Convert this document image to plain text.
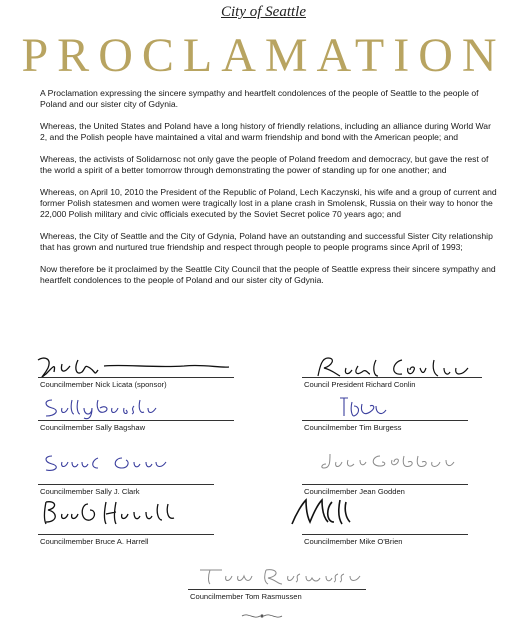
City of Seattle
PROCLAMATION

A Proclamation expressing the sincere sympathy and heartfelt condolences of the people of Seattle to the people of Poland and our sister city of Gdynia.

Whereas, the United States and Poland have a long history of friendly relations, including an alliance during World War 2, and the Polish people have maintained a vital and warm friendship and bond with the American people; and

Whereas, the activists of Solidarnosc not only gave the people of Poland freedom and democracy, but gave the rest of the world a spirit of a better tomorrow through demonstrating the power of standing up for one another; and

Whereas, on April 10, 2010 the President of the Republic of Poland, Lech Kaczynski, his wife and a group of current and former Polish statesmen and women were tragically lost in a plane crash in Smolensk, Russia on their way to honor the 22,000 Polish military and civic officials executed by the Soviet Secret police 70 years ago; and

Whereas, the City of Seattle and the City of Gdynia, Poland have an outstanding and successful Sister City relationship that has grown and nurtured true friendship and respect through people to people programs since April of 1993;

Now therefore be it proclaimed by the Seattle City Council that the people of Seattle express their sincere sympathy and heartfelt condolences to the people of Poland and our sister city of Gdynia.

Councilmember Nick Licata (sponsor)	Council President Richard Conlin
Councilmember Sally Bagshaw	Councilmember Tim Burgess
Councilmember Sally J. Clark	Councilmember Jean Godden
Councilmember Bruce A. Harrell	Councilmember Mike O'Brien
Councilmember Tom Rasmussen
